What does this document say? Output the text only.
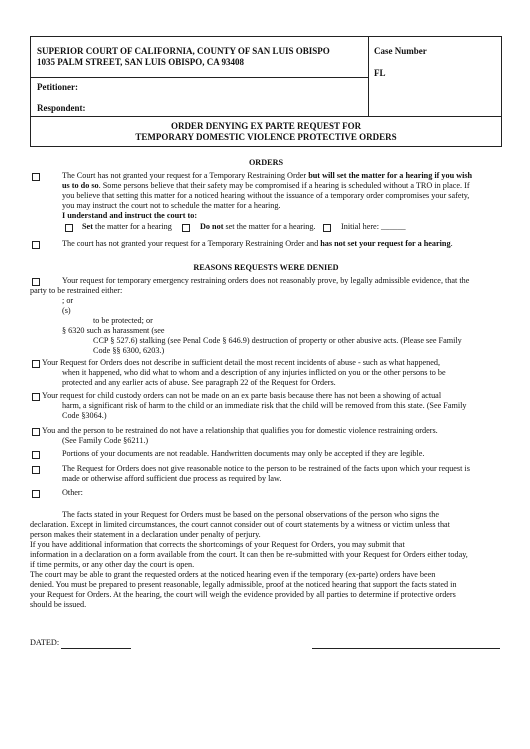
SUPERIOR COURT OF CALIFORNIA, COUNTY OF SAN LUIS OBISPO
1035 PALM STREET, SAN LUIS OBISPO, CA 93408
Case Number
FL
Petitioner:
Respondent:
ORDER DENYING EX PARTE REQUEST FOR
TEMPORARY DOMESTIC VIOLENCE PROTECTIVE ORDERS
ORDERS
The Court has not granted your request for a Temporary Restraining Order but will set the matter for a hearing if you wish
us to do so. Some persons believe that their safety may be compromised if a hearing is scheduled without a TRO in place. If
you believe that setting this matter for a noticed hearing without the issuance of a temporary order compromises your safety,
you may instruct the court not to schedule the matter for a hearing.
I understand and instruct the court to:
Set the matter for a hearing	Do not set the matter for a hearing.	Initial here: ______
The court has not granted your request for a Temporary Restraining Order and has not set your request for a hearing.
REASONS REQUESTS WERE DENIED
Your request for temporary emergency restraining orders does not reasonably prove, by legally admissible evidence, that the
party to be restrained either:
; or
(s)
to be protected; or
§ 6320 such as harassment (see
CCP § 527.6) stalking (see Penal Code § 646.9) destruction of property or other abusive acts. (Please see Family
Code §§ 6300, 6203.)
Your Request for Orders does not describe in sufficient detail the most recent incidents of abuse - such as what happened,
when it happened, who did what to whom and a description of any injuries inflicted on you or the other persons to be
protected and any earlier acts of abuse. See paragraph 22 of the Request for Orders.
Your request for child custody orders can not be made on an ex parte basis because there has not been a showing of actual
harm, a significant risk of harm to the child or an immediate risk that the child will be removed from this state. (See Family
Code §3064.)
You and the person to be restrained do not have a relationship that qualifies you for domestic violence restraining orders.
(See Family Code §6211.)
Portions of your documents are not readable. Handwritten documents may only be accepted if they are legible.
The Request for Orders does not give reasonable notice to the person to be restrained of the facts upon which your request is
made or otherwise afford sufficient due process as required by law.
Other:
The facts stated in your Request for Orders must be based on the personal observations of the person who signs the
declaration. Except in limited circumstances, the court cannot consider out of court statements by a witness or victim unless that
person makes their statement in a declaration under penalty of perjury.
If you have additional information that corrects the shortcomings of your Request for Orders, you may submit that
information in a declaration on a form available from the court. It can then be re-submitted with your Request for Orders either today,
if time permits, or any other day the court is open.
The court may be able to grant the requested orders at the noticed hearing even if the temporary (ex-parte) orders have been
denied. You must be prepared to present reasonable, legally admissible, proof at the noticed hearing that support the facts stated in
your Request for Orders. At the hearing, the court will weigh the evidence provided by all parties to determine if protective orders
should be issued.
DATED:
